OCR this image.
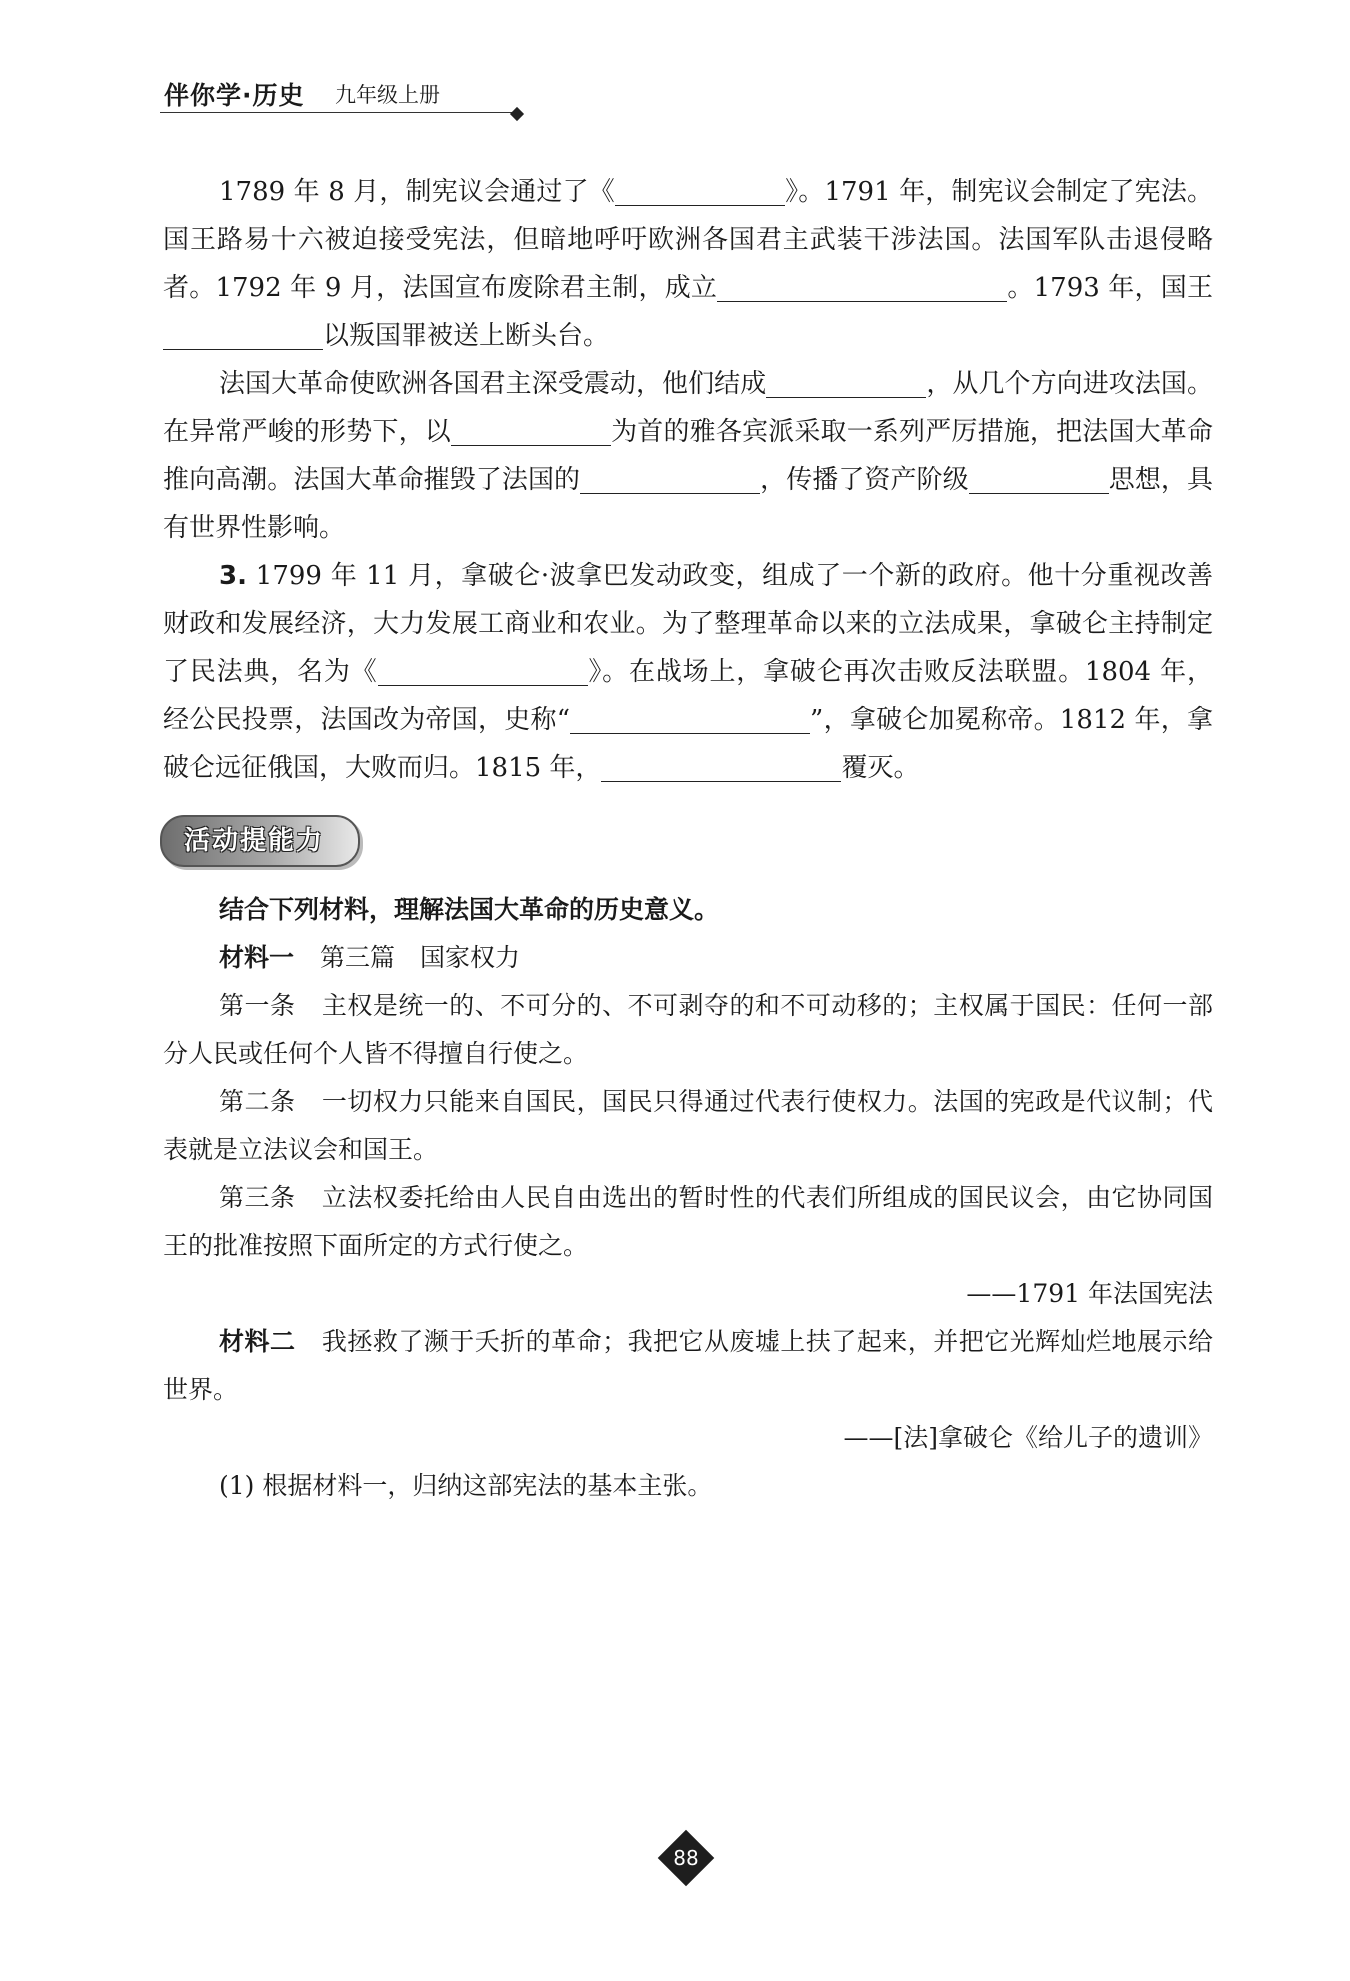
伴你学·历史 九年级上册

1789 年 8 月，制宪议会通过了《	》。1791 年，制宪议会制定了宪法。国王路易十六被迫接受宪法，但暗地呼吁欧洲各国君主武装干涉法国。法国军队击退侵略者。1792 年 9 月，法国宣布废除君主制，成立	。1793 年，国王以叛国罪被送上断头台。

法国大革命使欧洲各国君主深受震动，他们结成	，从几个方向进攻法国。在异常严峻的形势下，以	为首的雅各宾派采取一系列严厉措施，把法国大革命推向高潮。法国大革命摧毁了法国的	，传播了资产阶级	思想，具有世界性影响。

3. 1799 年 11 月，拿破仑·波拿巴发动政变，组成了一个新的政府。他十分重视改善财政和发展经济，大力发展工商业和农业。为了整理革命以来的立法成果，拿破仑主持制定了民法典，名为《	》。在战场上，拿破仑再次击败反法联盟。1804 年，经公民投票，法国改为帝国，史称“	”，拿破仑加冕称帝。1812 年，拿破仑远征俄国，大败而归。1815 年，	覆灭。

活动提能力

结合下列材料，理解法国大革命的历史意义。

材料一 第三篇　国家权力

第一条 主权是统一的、不可分的、不可剥夺的和不可动移的；主权属于国民：任何一部分人民或任何个人皆不得擅自行使之。

第二条 一切权力只能来自国民，国民只得通过代表行使权力。法国的宪政是代议制；代表就是立法议会和国王。

第三条 立法权委托给由人民自由选出的暂时性的代表们所组成的国民议会，由它协同国王的批准按照下面所定的方式行使之。

——1791 年法国宪法

材料二 我拯救了濒于夭折的革命；我把它从废墟上扶了起来，并把它光辉灿烂地展示给世界。

——[法]拿破仑《给儿子的遗训》

(1) 根据材料一，归纳这部宪法的基本主张。

88
